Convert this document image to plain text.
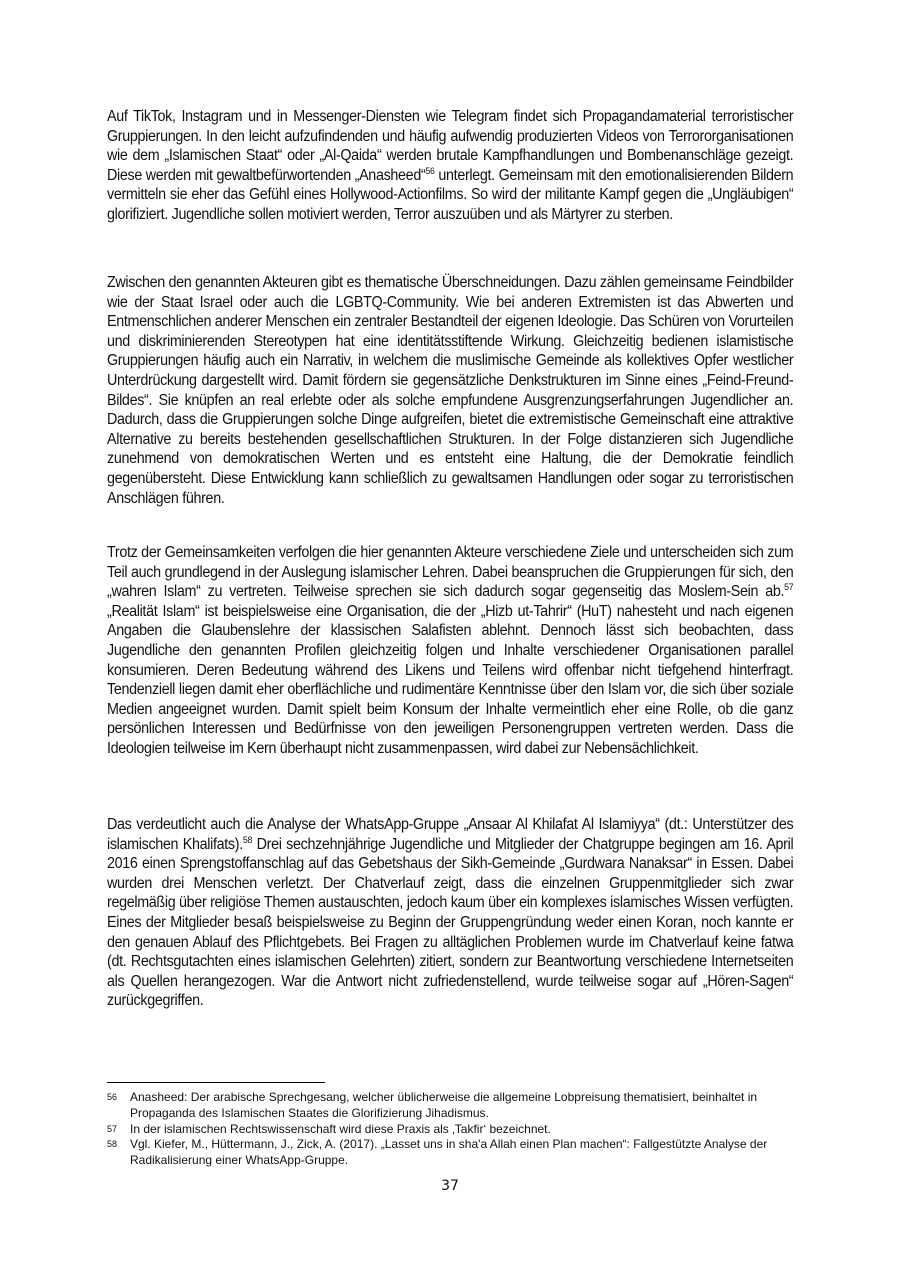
Auf TikTok, Instagram und in Messenger-Diensten wie Telegram findet sich Propagandamaterial terroristischer Gruppierungen. In den leicht aufzufindenden und häufig aufwendig produzierten Videos von Terrororganisationen wie dem „Islamischen Staat“ oder „Al-Qaida“ werden brutale Kampfhandlungen und Bombenanschläge gezeigt. Diese werden mit gewaltbefürwortenden „Anasheed“$^{56}$ unterlegt. Gemeinsam mit den emotionalisierenden Bildern vermitteln sie eher das Gefühl eines Hollywood-Actionfilms. So wird der militante Kampf gegen die „Ungläubigen“ glorifiziert. Jugendliche sollen motiviert werden, Terror auszuüben und als Märtyrer zu sterben.

Zwischen den genannten Akteuren gibt es thematische Überschneidungen. Dazu zählen gemeinsame Feindbilder wie der Staat Israel oder auch die LGBTQ-Community. Wie bei anderen Extremisten ist das Abwerten und Entmenschlichen anderer Menschen ein zentraler Bestandteil der eigenen Ideologie. Das Schüren von Vorurteilen und diskriminierenden Stereotypen hat eine identitätsstiftende Wirkung. Gleichzeitig bedienen islamistische Gruppierungen häufig auch ein Narrativ, in welchem die muslimische Gemeinde als kollektives Opfer westlicher Unterdrückung dargestellt wird. Damit fördern sie gegensätzliche Denkstrukturen im Sinne eines „Feind-Freund-Bildes“. Sie knüpfen an real erlebte oder als solche empfundene Ausgrenzungserfahrungen Jugendlicher an. Dadurch, dass die Gruppierungen solche Dinge aufgreifen, bietet die extremistische Gemeinschaft eine attraktive Alternative zu bereits bestehenden gesellschaftlichen Strukturen. In der Folge distanzieren sich Jugendliche zunehmend von demokratischen Werten und es entsteht eine Haltung, die der Demokratie feindlich gegenübersteht. Diese Entwicklung kann schließlich zu gewaltsamen Handlungen oder sogar zu terroristischen Anschlägen führen.

Trotz der Gemeinsamkeiten verfolgen die hier genannten Akteure verschiedene Ziele und unterscheiden sich zum Teil auch grundlegend in der Auslegung islamischer Lehren. Dabei beanspruchen die Gruppierungen für sich, den „wahren Islam“ zu vertreten. Teilweise sprechen sie sich dadurch sogar gegenseitig das Moslem-Sein ab.$^{57}$ „Realität Islam“ ist beispielsweise eine Organisation, die der „Hizb ut-Tahrir“ (HuT) nahesteht und nach eigenen Angaben die Glaubenslehre der klassischen Salafisten ablehnt. Dennoch lässt sich beobachten, dass Jugendliche den genannten Profilen gleichzeitig folgen und Inhalte verschiedener Organisationen parallel konsumieren. Deren Bedeutung während des Likens und Teilens wird offenbar nicht tiefgehend hinterfragt. Tendenziell liegen damit eher oberflächliche und rudimentäre Kenntnisse über den Islam vor, die sich über soziale Medien angeeignet wurden. Damit spielt beim Konsum der Inhalte vermeintlich eher eine Rolle, ob die ganz persönlichen Interessen und Bedürfnisse von den jeweiligen Personengruppen vertreten werden. Dass die Ideologien teilweise im Kern überhaupt nicht zusammenpassen, wird dabei zur Nebensächlichkeit.

Das verdeutlicht auch die Analyse der WhatsApp-Gruppe „Ansaar Al Khilafat Al Islamiyya“ (dt.: Unterstützer des islamischen Khalifats).$^{58}$ Drei sechzehnjährige Jugendliche und Mitglieder der Chatgruppe begingen am 16. April 2016 einen Sprengstoffanschlag auf das Gebetshaus der Sikh-Gemeinde „Gurdwara Nanaksar“ in Essen. Dabei wurden drei Menschen verletzt. Der Chatverlauf zeigt, dass die einzelnen Gruppenmitglieder sich zwar regelmäßig über religiöse Themen austauschten, jedoch kaum über ein komplexes islamisches Wissen verfügten. Eines der Mitglieder besaß beispielsweise zu Beginn der Gruppengründung weder einen Koran, noch kannte er den genauen Ablauf des Pflichtgebets. Bei Fragen zu alltäglichen Problemen wurde im Chatverlauf keine fatwa (dt. Rechtsgutachten eines islamischen Gelehrten) zitiert, sondern zur Beantwortung verschiedene Internetseiten als Quellen herangezogen. War die Antwort nicht zufriedenstellend, wurde teilweise sogar auf „Hören-Sagen“ zurückgegriffen.

56	Anasheed: Der arabische Sprechgesang, welcher üblicherweise die allgemeine Lobpreisung thematisiert, beinhaltet in Propaganda des Islamischen Staates die Glorifizierung Jihadismus.
57	In der islamischen Rechtswissenschaft wird diese Praxis als ‚Takfir‘ bezeichnet.
58	Vgl. Kiefer, M., Hüttermann, J., Zick, A. (2017). „Lasset uns in sha'a Allah einen Plan machen“: Fallgestützte Analyse der Radikalisierung einer WhatsApp-Gruppe.
37
